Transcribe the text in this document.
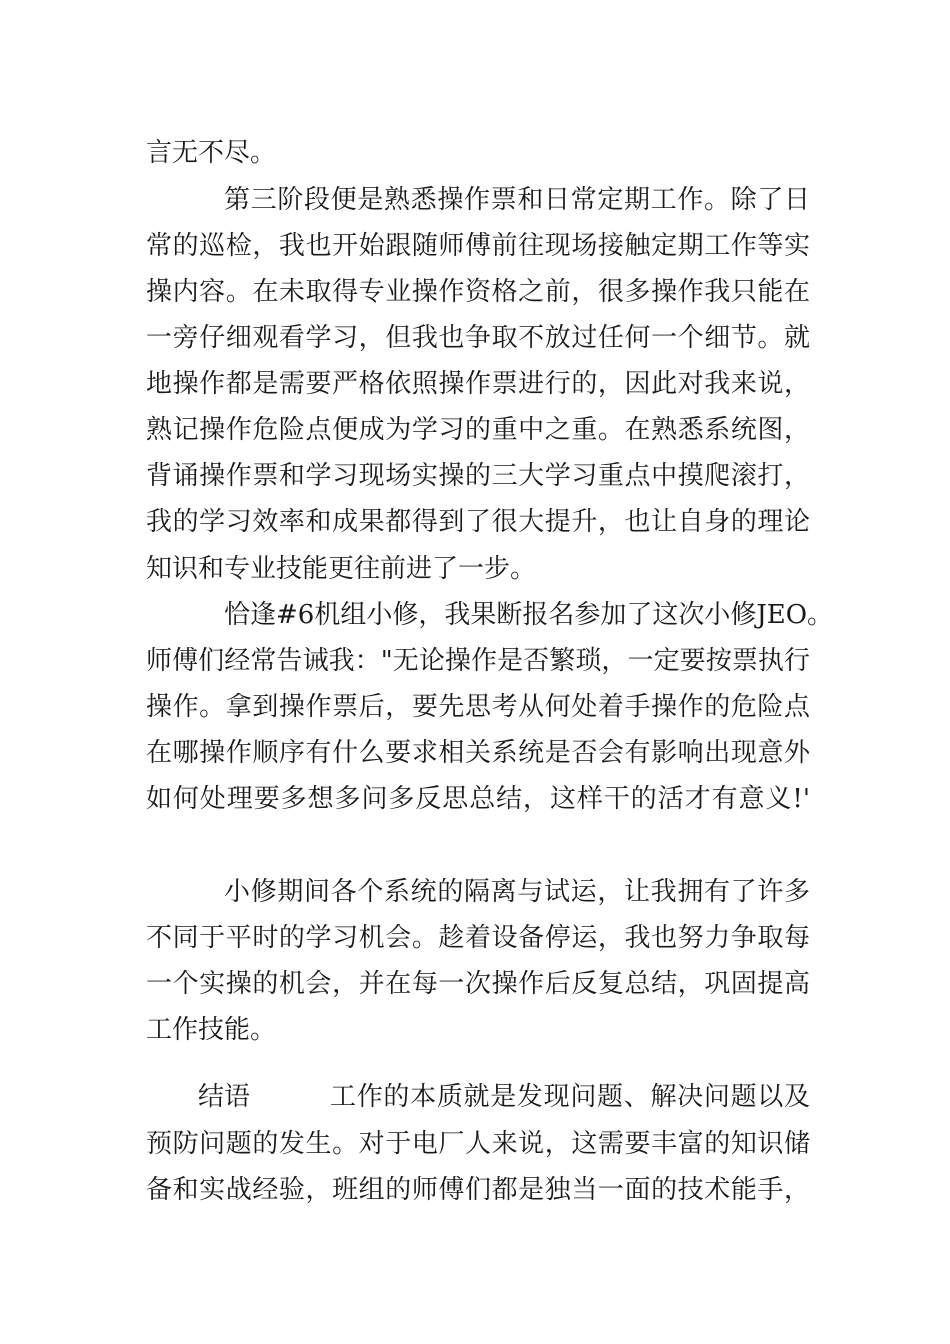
言无不尽。
第三阶段便是熟悉操作票和日常定期工作。除了日
常的巡检，我也开始跟随师傅前往现场接触定期工作等实
操内容。在未取得专业操作资格之前，很多操作我只能在
一旁仔细观看学习，但我也争取不放过任何一个细节。就
地操作都是需要严格依照操作票进行的，因此对我来说，
熟记操作危险点便成为学习的重中之重。在熟悉系统图，
背诵操作票和学习现场实操的三大学习重点中摸爬滚打，
我的学习效率和成果都得到了很大提升，也让自身的理论
知识和专业技能更往前进了一步。
恰逢#6机组小修，我果断报名参加了这次小修JEO。
师傅们经常告诫我："无论操作是否繁琐，一定要按票执行
操作。拿到操作票后，要先思考从何处着手操作的危险点
在哪操作顺序有什么要求相关系统是否会有影响出现意外
如何处理要多想多问多反思总结，这样干的活才有意义!'
小修期间各个系统的隔离与试运，让我拥有了许多
不同于平时的学习机会。趁着设备停运，我也努力争取每
一个实操的机会，并在每一次操作后反复总结，巩固提高
工作技能。
结语	工作的本质就是发现问题、解决问题以及
预防问题的发生。对于电厂人来说，这需要丰富的知识储
备和实战经验，班组的师傅们都是独当一面的技术能手，
